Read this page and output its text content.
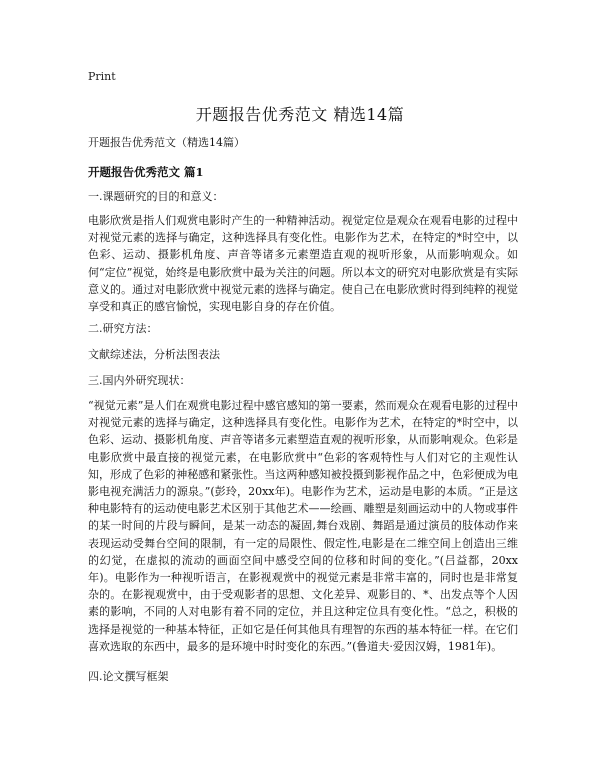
Print
开题报告优秀范文 精选14篇
开题报告优秀范文（精选14篇）
开题报告优秀范文 篇1
一.课题研究的目的和意义：
电影欣赏是指人们观赏电影时产生的一种精神活动。视觉定位是观众在观看电影的过程中对视觉元素的选择与确定，这种选择具有变化性。电影作为艺术，在特定的*时空中，以色彩、运动、摄影机角度、声音等诸多元素塑造直观的视听形象，从而影响观众。如何“定位”视觉，始终是电影欣赏中最为关注的问题。所以本文的研究对电影欣赏是有实际意义的。通过对电影欣赏中视觉元素的选择与确定。使自己在电影欣赏时得到纯粹的视觉享受和真正的感官愉悦，实现电影自身的存在价值。
二.研究方法：
文献综述法，分析法图表法
三.国内外研究现状：
“视觉元素”是人们在观赏电影过程中感官感知的第一要素，然而观众在观看电影的过程中对视觉元素的选择与确定，这种选择具有变化性。电影作为艺术，在特定的*时空中，以色彩、运动、摄影机角度、声音等诸多元素塑造直观的视听形象，从而影响观众。色彩是电影欣赏中最直接的视觉元素，在电影欣赏中“色彩的客观特性与人们对它的主观性认知，形成了色彩的神秘感和紧张性。当这两种感知被投摄到影视作品之中，色彩便成为电影电视充满活力的源泉。”(彭玲，20xx年)。电影作为艺术，运动是电影的本质。“正是这种电影特有的运动使电影艺术区别于其他艺术——绘画、雕塑是刻画运动中的人物或事件的某一时间的片段与瞬间，是某一动态的凝固,舞台戏剧、舞蹈是通过演员的肢体动作来表现运动受舞台空间的限制，有一定的局限性、假定性,电影是在二维空间上创造出三维的幻觉，在虚拟的流动的画面空间中感受空间的位移和时间的变化。”(吕益都，20xx年)。电影作为一种视听语言，在影视观赏中的视觉元素是非常丰富的，同时也是非常复杂的。在影视观赏中，由于受观影者的思想、文化差异、观影目的、*、出发点等个人因素的影响，不同的人对电影有着不同的定位，并且这种定位具有变化性。“总之，积极的选择是视觉的一种基本特征，正如它是任何其他具有理智的东西的基本特征一样。在它们喜欢选取的东西中，最多的是环境中时时变化的东西。”(鲁道夫·爱因汉姆，1981年)。
四.论文撰写框架
